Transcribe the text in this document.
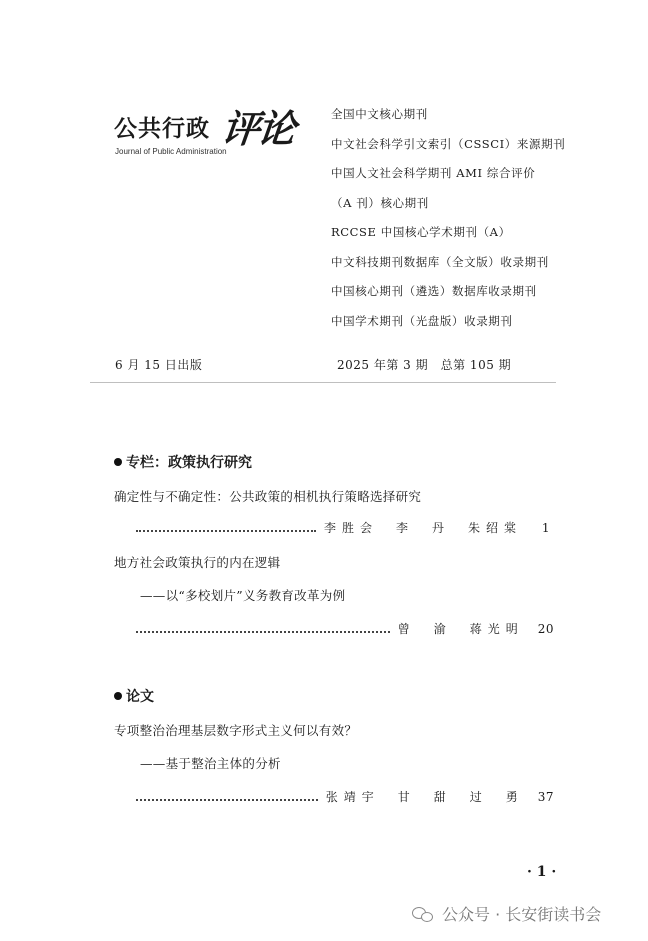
公共行政 评论
Journal of Public Administration
全国中文核心期刊
中文社会科学引文索引（CSSCI）来源期刊
中国人文社会科学期刊 AMI 综合评价
（A 刊）核心期刊
RCCSE 中国核心学术期刊（A）
中文科技期刊数据库（全文版）收录期刊
中国核心期刊（遴选）数据库收录期刊
中国学术期刊（光盘版）收录期刊
6 月 15 日出版	2025 年第 3 期　总第 105 期
专栏：政策执行研究
确定性与不确定性：公共政策的相机执行策略选择研究
李胜会　李　丹　朱绍棠	1
地方社会政策执行的内在逻辑
——以“多校划片”义务教育改革为例
曾　渝　蒋光明 20
论文
专项整治治理基层数字形式主义何以有效？
——基于整治主体的分析
张靖宇　甘　甜　过　勇 37
· 1 ·
公众号 · 长安街读书会
